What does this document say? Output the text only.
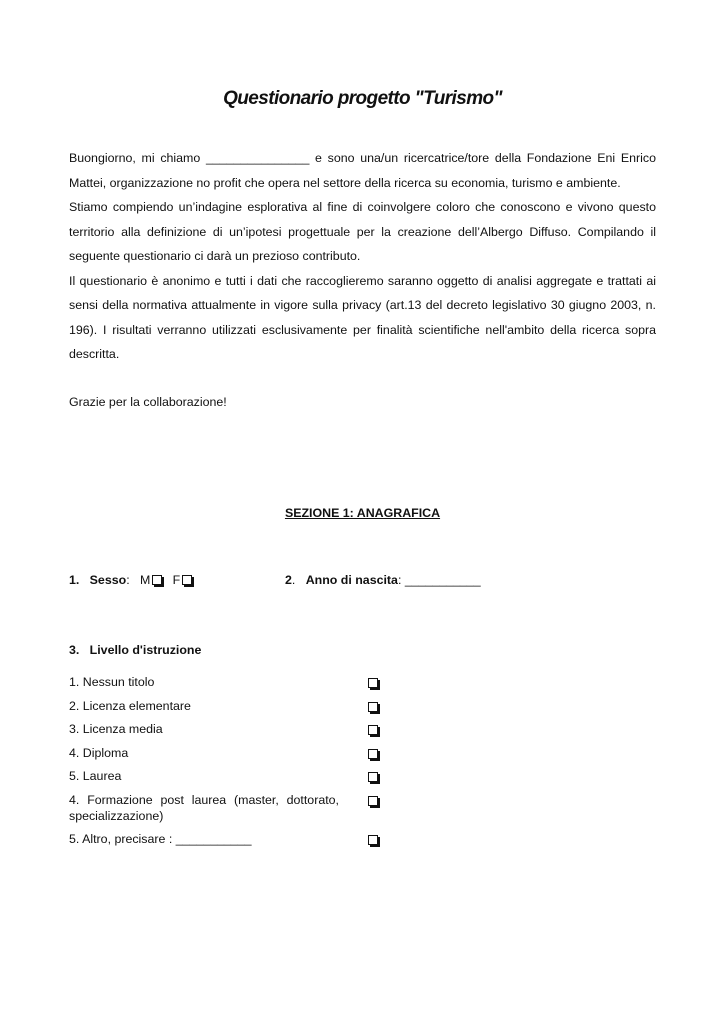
Questionario progetto "Turismo"

Buongiorno, mi chiamo _______________ e sono una/un ricercatrice/tore della Fondazione Eni Enrico Mattei, organizzazione no profit che opera nel settore della ricerca su economia, turismo e ambiente.

Stiamo compiendo un’indagine esplorativa al fine di coinvolgere coloro che conoscono e vivono questo territorio alla definizione di un’ipotesi progettuale per la creazione dell’Albergo Diffuso. Compilando il seguente questionario ci darà un prezioso contributo.

Il questionario è anonimo e tutti i dati che raccoglieremo saranno oggetto di analisi aggregate e trattati ai sensi della normativa attualmente in vigore sulla privacy (art.13 del decreto legislativo 30 giugno 2003, n. 196). I risultati verranno utilizzati esclusivamente per finalità scientifiche nell'ambito della ricerca sopra descritta.

Grazie per la collaborazione!
SEZIONE 1: ANAGRAFICA
1. Sesso: M F	2. Anno di nascita: ___________
3. Livello d'istruzione
1. Nessun titolo
2. Licenza elementare
3. Licenza media
4. Diploma
5. Laurea
4. Formazione post laurea (master, dottorato, specializzazione)
5. Altro, precisare : ___________
